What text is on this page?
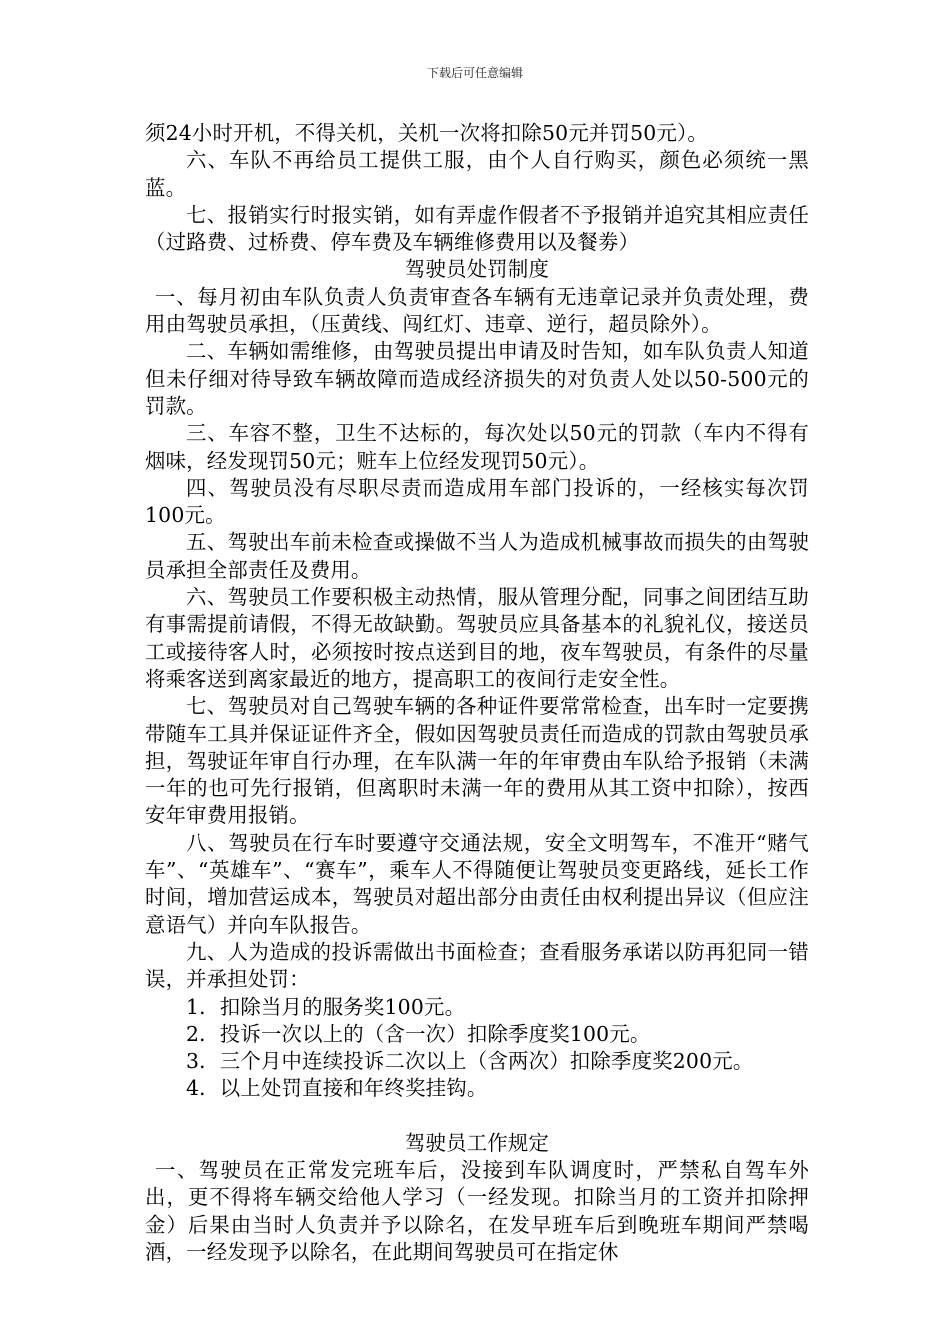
下载后可任意编辑

须24小时开机，不得关机，关机一次将扣除50元并罚50元）。

六、车队不再给员工提供工服，由个人自行购买，颜色必须统一黑蓝。

七、报销实行时报实销，如有弄虚作假者不予报销并追究其相应责任（过路费、过桥费、停车费及车辆维修费用以及餐劵）

驾驶员处罚制度

一、每月初由车队负责人负责审查各车辆有无违章记录并负责处理，费用由驾驶员承担，（压黄线、闯红灯、违章、逆行，超员除外）。

二、车辆如需维修，由驾驶员提出申请及时告知，如车队负责人知道但未仔细对待导致车辆故障而造成经济损失的对负责人处以50-500元的罚款。

三、车容不整，卫生不达标的，每次处以50元的罚款（车内不得有烟味，经发现罚50元；赃车上位经发现罚50元）。

四、驾驶员没有尽职尽责而造成用车部门投诉的，一经核实每次罚100元。

五、驾驶出车前未检查或操做不当人为造成机械事故而损失的由驾驶员承担全部责任及费用。

六、驾驶员工作要积极主动热情，服从管理分配，同事之间团结互助有事需提前请假，不得无故缺勤。驾驶员应具备基本的礼貌礼仪，接送员工或接待客人时，必须按时按点送到目的地，夜车驾驶员，有条件的尽量将乘客送到离家最近的地方，提高职工的夜间行走安全性。

七、驾驶员对自己驾驶车辆的各种证件要常常检查，出车时一定要携带随车工具并保证证件齐全，假如因驾驶员责任而造成的罚款由驾驶员承担，驾驶证年审自行办理，在车队满一年的年审费由车队给予报销（未满一年的也可先行报销，但离职时未满一年的费用从其工资中扣除），按西安年审费用报销。

八、驾驶员在行车时要遵守交通法规，安全文明驾车，不准开“赌气车”、“英雄车”、“赛车”，乘车人不得随便让驾驶员变更路线，延长工作时间，增加营运成本，驾驶员对超出部分由责任由权利提出异议（但应注意语气）并向车队报告。

九、人为造成的投诉需做出书面检查；查看服务承诺以防再犯同一错误，并承担处罚：

1．扣除当月的服务奖100元。

2．投诉一次以上的（含一次）扣除季度奖100元。

3．三个月中连续投诉二次以上（含两次）扣除季度奖200元。

4．以上处罚直接和年终奖挂钩。

驾驶员工作规定

一、驾驶员在正常发完班车后，没接到车队调度时，严禁私自驾车外出，更不得将车辆交给他人学习（一经发现。扣除当月的工资并扣除押金）后果由当时人负责并予以除名，在发早班车后到晚班车期间严禁喝酒，一经发现予以除名，在此期间驾驶员可在指定休
